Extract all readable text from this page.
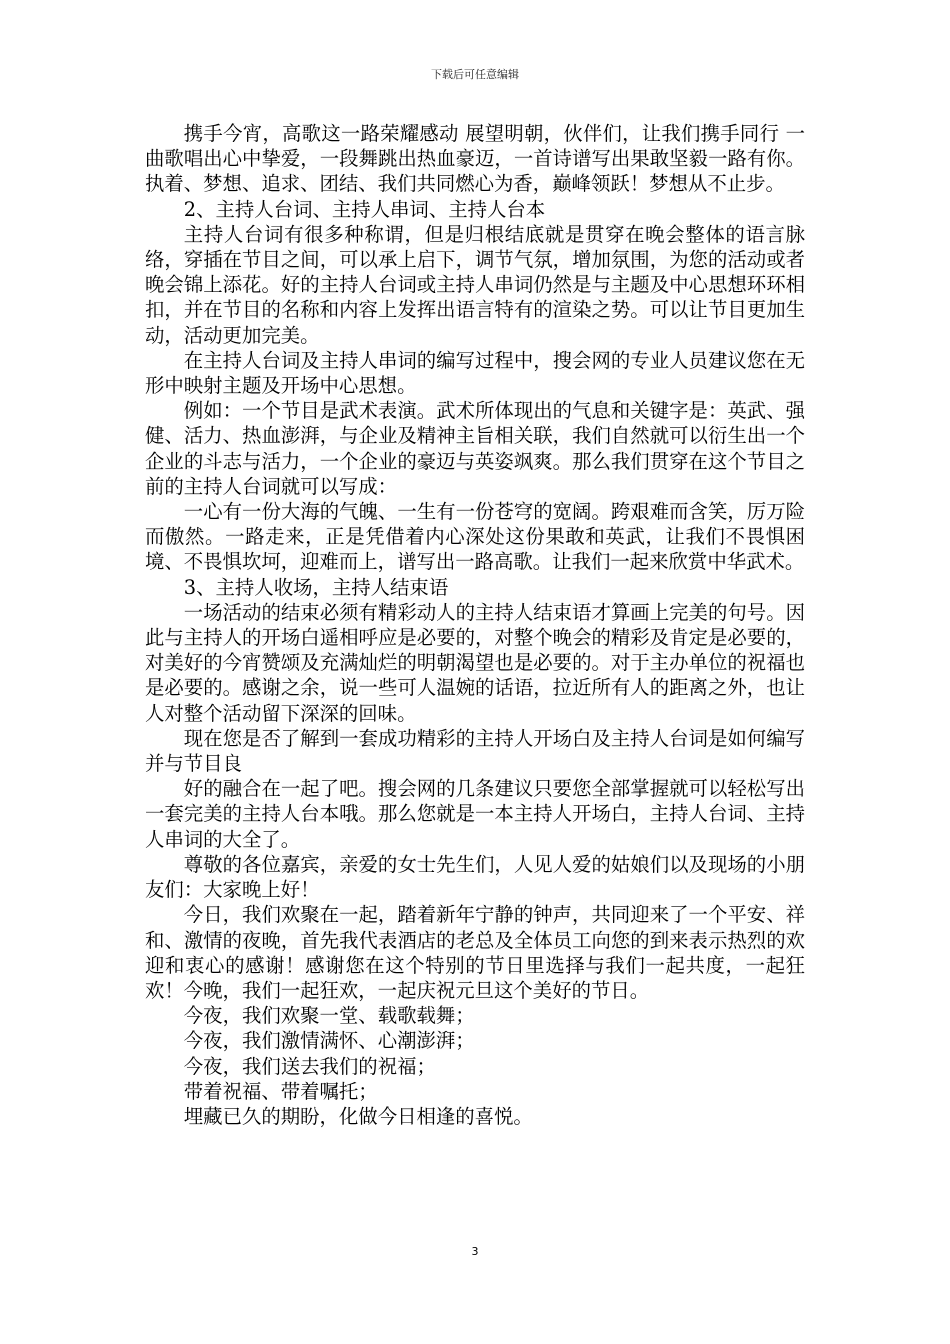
下载后可任意编辑

携手今宵，高歌这一路荣耀感动 展望明朝，伙伴们，让我们携手同行 一曲歌唱出心中挚爱，一段舞跳出热血豪迈，一首诗谱写出果敢坚毅一路有你。 执着、梦想、追求、团结、我们共同燃心为香，巅峰领跃！梦想从不止步。

2、主持人台词、主持人串词、主持人台本

主持人台词有很多种称谓，但是归根结底就是贯穿在晚会整体的语言脉络，穿插在节目之间，可以承上启下，调节气氛，增加氛围，为您的活动或者晚会锦上添花。好的主持人台词或主持人串词仍然是与主题及中心思想环环相扣，并在节目的名称和内容上发挥出语言特有的渲染之势。可以让节目更加生动，活动更加完美。

在主持人台词及主持人串词的编写过程中，搜会网的专业人员建议您在无形中映射主题及开场中心思想。

例如：一个节目是武术表演。武术所体现出的气息和关键字是：英武、强健、活力、热血澎湃，与企业及精神主旨相关联，我们自然就可以衍生出一个企业的斗志与活力，一个企业的豪迈与英姿飒爽。那么我们贯穿在这个节目之前的主持人台词就可以写成：

一心有一份大海的气魄、一生有一份苍穹的宽阔。跨艰难而含笑，厉万险而傲然。一路走来，正是凭借着内心深处这份果敢和英武，让我们不畏惧困境、不畏惧坎坷，迎难而上，谱写出一路高歌。让我们一起来欣赏中华武术。

3、主持人收场，主持人结束语

一场活动的结束必须有精彩动人的主持人结束语才算画上完美的句号。因此与主持人的开场白遥相呼应是必要的，对整个晚会的精彩及肯定是必要的，对美好的今宵赞颂及充满灿烂的明朝渴望也是必要的。对于主办单位的祝福也是必要的。感谢之余，说一些可人温婉的话语，拉近所有人的距离之外，也让人对整个活动留下深深的回味。

现在您是否了解到一套成功精彩的主持人开场白及主持人台词是如何编写并与节目良

好的融合在一起了吧。搜会网的几条建议只要您全部掌握就可以轻松写出一套完美的主持人台本哦。那么您就是一本主持人开场白，主持人台词、主持人串词的大全了。

尊敬的各位嘉宾，亲爱的女士先生们，人见人爱的姑娘们以及现场的小朋友们：大家晚上好！

今日，我们欢聚在一起，踏着新年宁静的钟声，共同迎来了一个平安、祥和、激情的夜晚，首先我代表酒店的老总及全体员工向您的到来表示热烈的欢迎和衷心的感谢！感谢您在这个特别的节日里选择与我们一起共度，一起狂欢！今晚，我们一起狂欢，一起庆祝元旦这个美好的节日。

今夜，我们欢聚一堂、载歌载舞；

今夜，我们激情满怀、心潮澎湃；

今夜，我们送去我们的祝福；

带着祝福、带着嘱托；

埋藏已久的期盼，化做今日相逢的喜悦。

3
